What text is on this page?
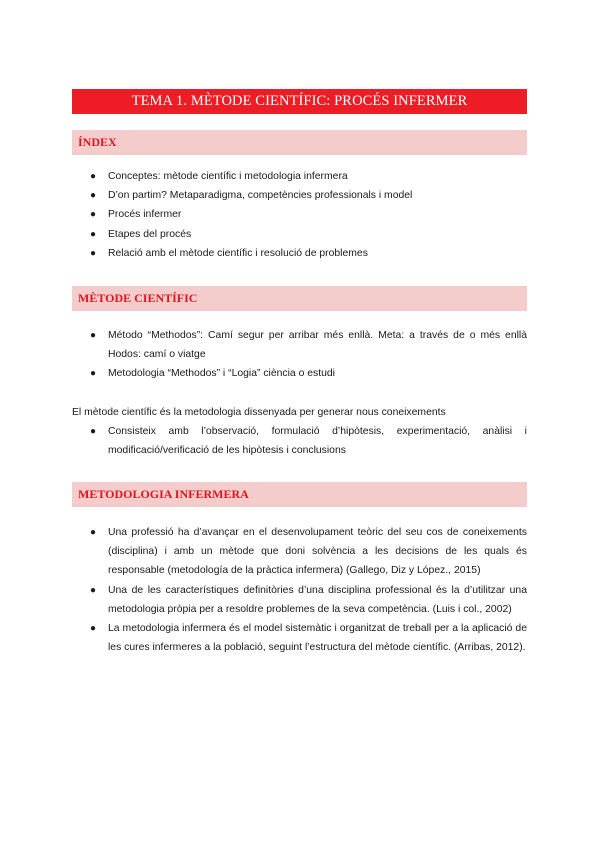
TEMA 1. MÈTODE CIENTÍFIC: PROCÉS INFERMER
ÍNDEX
● Conceptes: mètode científic i metodologia infermera
● D’on partim? Metaparadigma, competències professionals i model
● Procés infermer
● Etapes del procés
● Relació amb el mètode científic i resolució de problemes
MÈTODE CIENTÍFIC
● Método “Methodos”: Camí segur per arribar més enllà. Meta: a través de o més enllà Hodos: camí o viatge
● Metodologia “Methodos” i “Logia” ciència o estudi
El mètode científic és la metodologia dissenyada per generar nous coneixements
● Consisteix amb l’observació, formulació d’hipòtesis, experimentació, anàlisi i modificació/verificació de les hipòtesis i conclusions
METODOLOGIA INFERMERA
● Una professió ha d’avançar en el desenvolupament teòric del seu cos de coneixements (disciplina) i amb un mètode que doni solvència a les decisions de les quals és responsable (metodología de la pràctica infermera) (Gallego, Diz y López., 2015)
● Una de les característiques definitòries d’una disciplina professional és la d’utilitzar una metodologia pròpia per a resoldre problemes de la seva competència. (Luis i col., 2002)
● La metodologia infermera és el model sistemàtic i organitzat de treball per a la aplicació de les cures infermeres a la població, seguint l’estructura del mètode científic. (Arribas, 2012).
